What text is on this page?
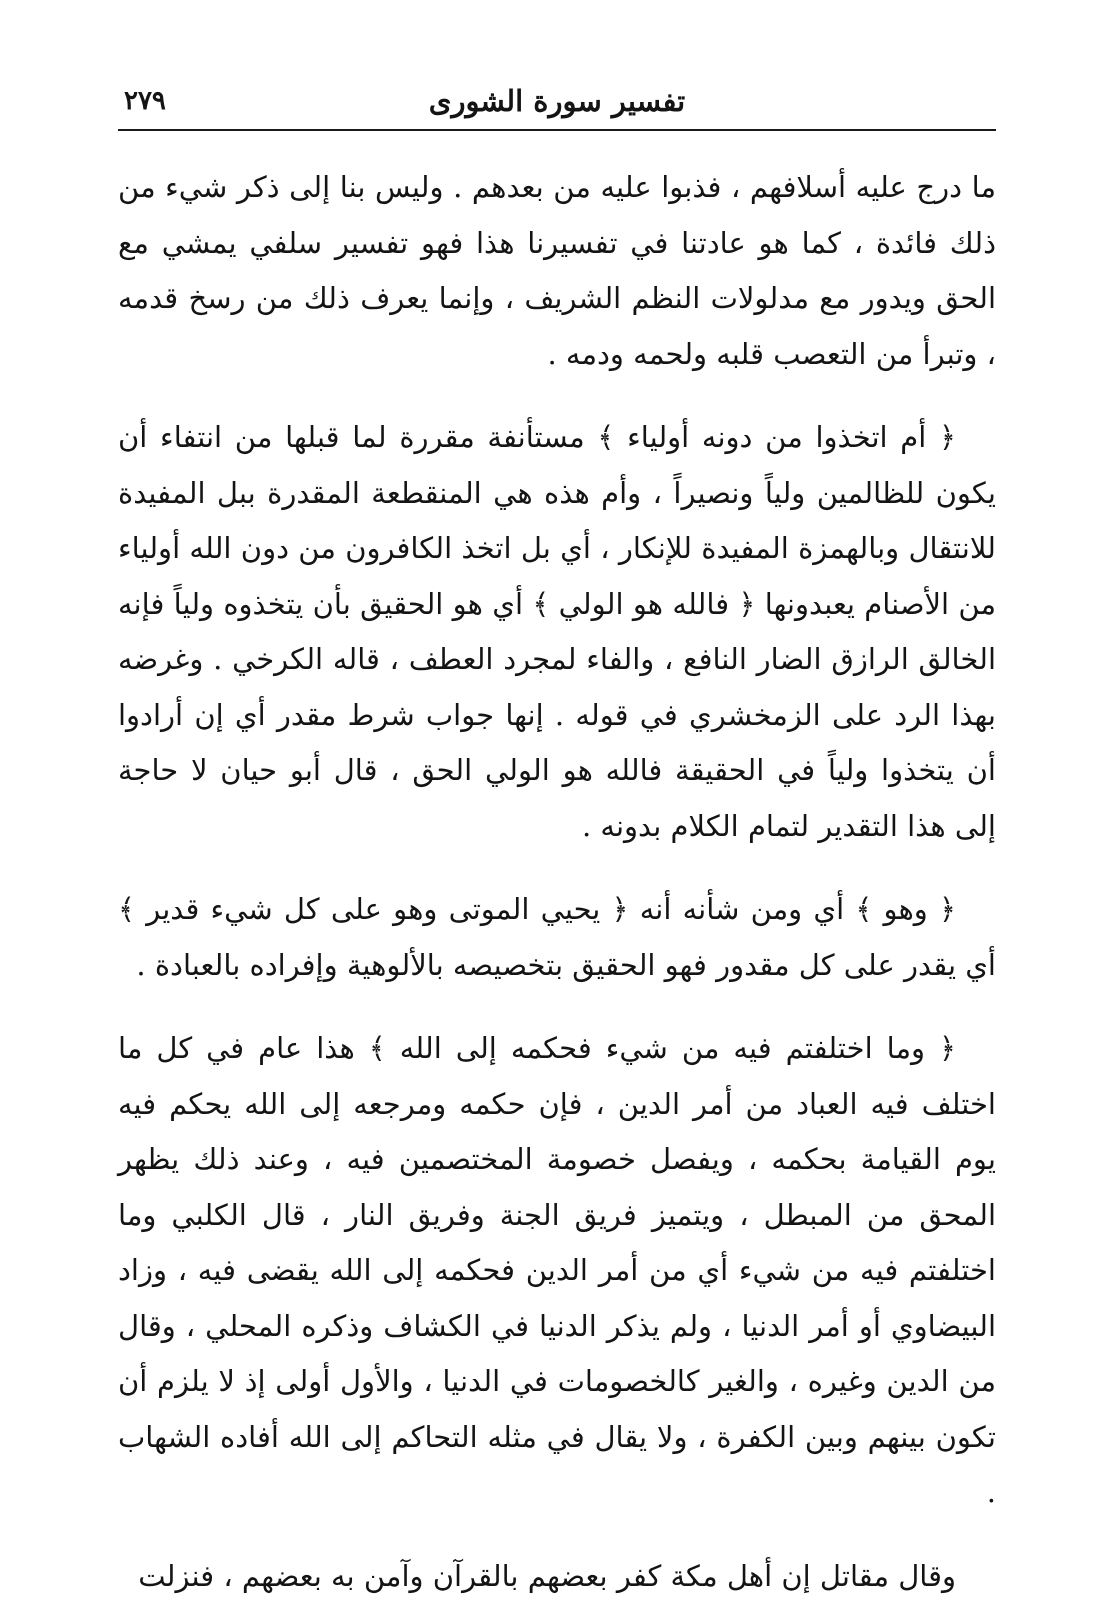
٢٧٩	تفسير سورة الشورى

ما درج عليه أسلافهم ، فذبوا عليه من بعدهم . وليس بنا إلى ذكر شيء من ذلك فائدة ، كما هو عادتنا في تفسيرنا هذا فهو تفسير سلفي يمشي مع الحق ويدور مع مدلولات النظم الشريف ، وإنما يعرف ذلك من رسخ قدمه ، وتبرأ من التعصب قلبه ولحمه ودمه .

﴿ أم اتخذوا من دونه أولياء ﴾ مستأنفة مقررة لما قبلها من انتفاء أن يكون للظالمين ولياً ونصيراً ، وأم هذه هي المنقطعة المقدرة ببل المفيدة للانتقال وبالهمزة المفيدة للإنكار ، أي بل اتخذ الكافرون من دون الله أولياء من الأصنام يعبدونها ﴿ فالله هو الولي ﴾ أي هو الحقيق بأن يتخذوه ولياً فإنه الخالق الرازق الضار النافع ، والفاء لمجرد العطف ، قاله الكرخي . وغرضه بهذا الرد على الزمخشري في قوله . إنها جواب شرط مقدر أي إن أرادوا أن يتخذوا ولياً في الحقيقة فالله هو الولي الحق ، قال أبو حيان لا حاجة إلى هذا التقدير لتمام الكلام بدونه .

﴿ وهو ﴾ أي ومن شأنه أنه ﴿ يحيي الموتى وهو على كل شيء قدير ﴾ أي يقدر على كل مقدور فهو الحقيق بتخصيصه بالألوهية وإفراده بالعبادة .

﴿ وما اختلفتم فيه من شيء فحكمه إلى الله ﴾ هذا عام في كل ما اختلف فيه العباد من أمر الدين ، فإن حكمه ومرجعه إلى الله يحكم فيه يوم القيامة بحكمه ، ويفصل خصومة المختصمين فيه ، وعند ذلك يظهر المحق من المبطل ، ويتميز فريق الجنة وفريق النار ، قال الكلبي وما اختلفتم فيه من شيء أي من أمر الدين فحكمه إلى الله يقضى فيه ، وزاد البيضاوي أو أمر الدنيا ، ولم يذكر الدنيا في الكشاف وذكره المحلي ، وقال من الدين وغيره ، والغير كالخصومات في الدنيا ، والأول أولى إذ لا يلزم أن تكون بينهم وبين الكفرة ، ولا يقال في مثله التحاكم إلى الله أفاده الشهاب .

وقال مقاتل إن أهل مكة كفر بعضهم بالقرآن وآمن به بعضهم ، فنزلت
